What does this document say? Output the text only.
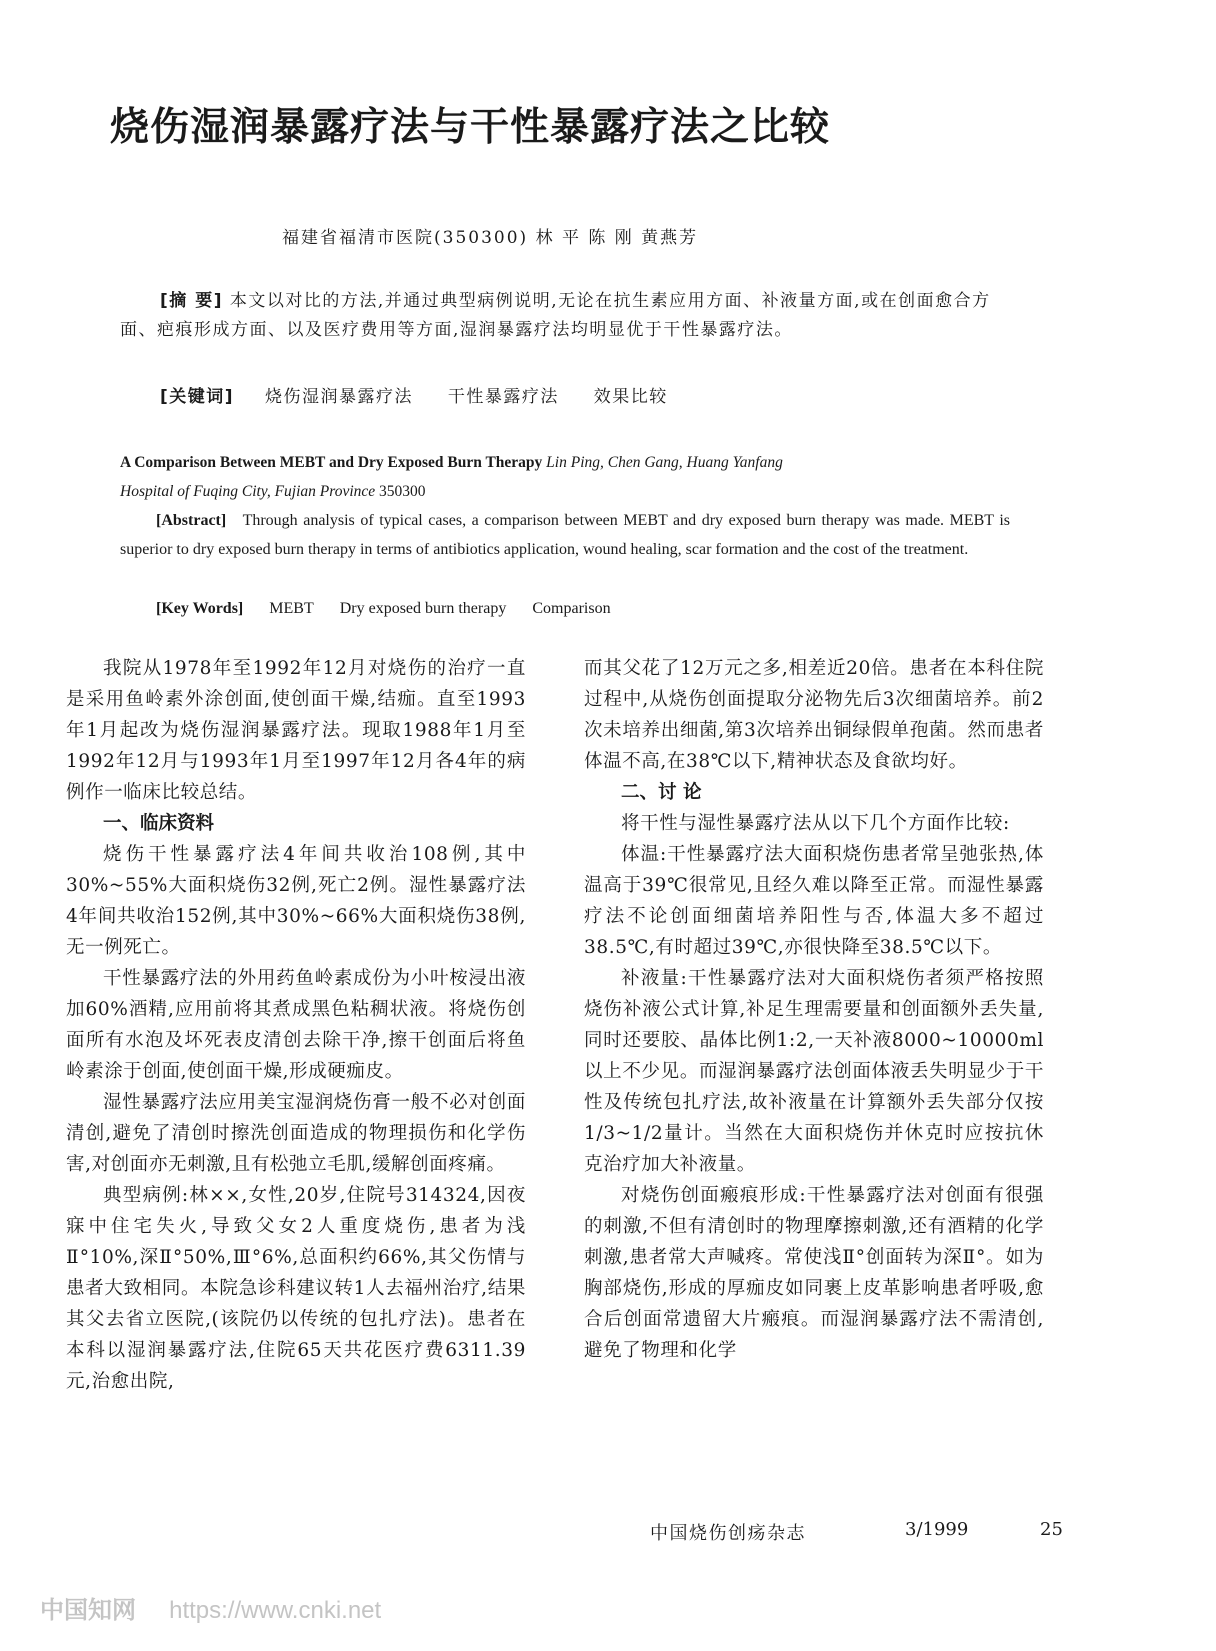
烧伤湿润暴露疗法与干性暴露疗法之比较
福建省福清市医院(350300) 林 平 陈 刚 黄燕芳
[摘 要] 本文以对比的方法,并通过典型病例说明,无论在抗生素应用方面、补液量方面,或在创面愈合方面、疤痕形成方面、以及医疗费用等方面,湿润暴露疗法均明显优于干性暴露疗法。
[关键词] 烧伤湿润暴露疗法 干性暴露疗法 效果比较
A Comparison Between MEBT and Dry Exposed Burn Therapy Lin Ping, Chen Gang, Huang Yanfang
Hospital of Fuqing City, Fujian Province 350300
[Abstract] Through analysis of typical cases, a comparison between MEBT and dry exposed burn therapy was made. MEBT is superior to dry exposed burn therapy in terms of antibiotics application, wound healing, scar formation and the cost of the treatment.
[Key Words] MEBT Dry exposed burn therapy Comparison

我院从1978年至1992年12月对烧伤的治疗一直是采用鱼岭素外涂创面,使创面干燥,结痂。直至1993年1月起改为烧伤湿润暴露疗法。现取1988年1月至1992年12月与1993年1月至1997年12月各4年的病例作一临床比较总结。

一、临床资料

烧伤干性暴露疗法4年间共收治108例,其中30%~55%大面积烧伤32例,死亡2例。湿性暴露疗法4年间共收治152例,其中30%~66%大面积烧伤38例,无一例死亡。

干性暴露疗法的外用药鱼岭素成份为小叶桉浸出液加60%酒精,应用前将其煮成黑色粘稠状液。将烧伤创面所有水泡及坏死表皮清创去除干净,擦干创面后将鱼岭素涂于创面,使创面干燥,形成硬痂皮。

湿性暴露疗法应用美宝湿润烧伤膏一般不必对创面清创,避免了清创时擦洗创面造成的物理损伤和化学伤害,对创面亦无刺激,且有松弛立毛肌,缓解创面疼痛。

典型病例:林××,女性,20岁,住院号314324,因夜寐中住宅失火,导致父女2人重度烧伤,患者为浅Ⅱ°10%,深Ⅱ°50%,Ⅲ°6%,总面积约66%,其父伤情与患者大致相同。本院急诊科建议转1人去福州治疗,结果其父去省立医院,(该院仍以传统的包扎疗法)。患者在本科以湿润暴露疗法,住院65天共花医疗费6311.39元,治愈出院,

而其父花了12万元之多,相差近20倍。患者在本科住院过程中,从烧伤创面提取分泌物先后3次细菌培养。前2次未培养出细菌,第3次培养出铜绿假单孢菌。然而患者体温不高,在38℃以下,精神状态及食欲均好。

二、讨 论

将干性与湿性暴露疗法从以下几个方面作比较:

体温:干性暴露疗法大面积烧伤患者常呈弛张热,体温高于39℃很常见,且经久难以降至正常。而湿性暴露疗法不论创面细菌培养阳性与否,体温大多不超过38.5℃,有时超过39℃,亦很快降至38.5℃以下。

补液量:干性暴露疗法对大面积烧伤者须严格按照烧伤补液公式计算,补足生理需要量和创面额外丢失量,同时还要胶、晶体比例1:2,一天补液8000~10000ml以上不少见。而湿润暴露疗法创面体液丢失明显少于干性及传统包扎疗法,故补液量在计算额外丢失部分仅按1/3~1/2量计。当然在大面积烧伤并休克时应按抗休克治疗加大补液量。

对烧伤创面瘢痕形成:干性暴露疗法对创面有很强的刺激,不但有清创时的物理摩擦刺激,还有酒精的化学刺激,患者常大声喊疼。常使浅Ⅱ°创面转为深Ⅱ°。如为胸部烧伤,形成的厚痂皮如同裹上皮革影响患者呼吸,愈合后创面常遗留大片瘢痕。而湿润暴露疗法不需清创,避免了物理和化学

中国烧伤创疡杂志	3/1999	25
中国知网 https://www.cnki.net
